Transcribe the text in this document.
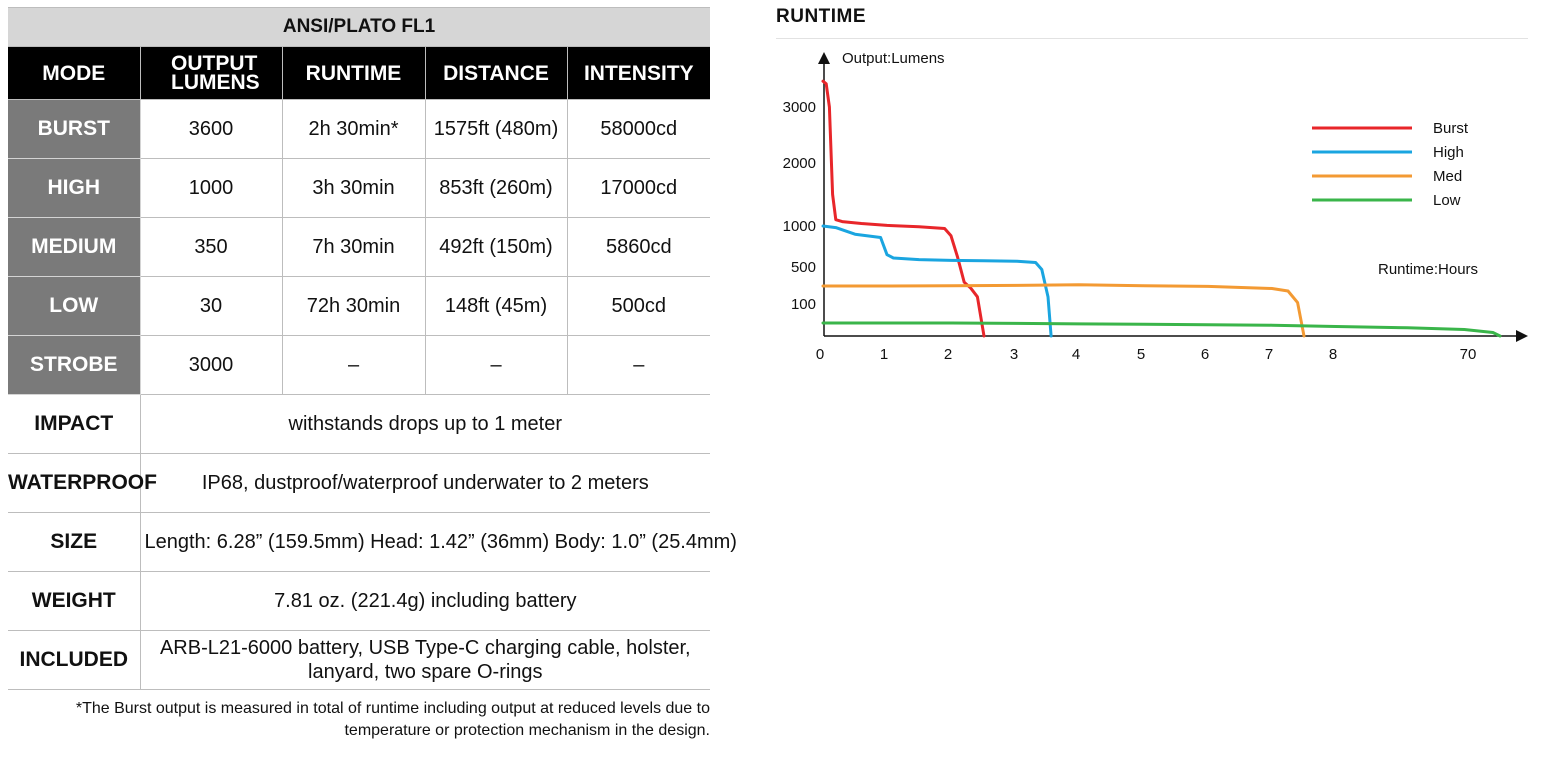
ANSI/PLATO FL1				
MODE	OUTPUT LUMENS	RUNTIME	DISTANCE	INTENSITY
BURST	3600	2h 30min*	1575ft (480m)	58000cd
HIGH	1000	3h 30min	853ft (260m)	17000cd
MEDIUM	350	7h 30min	492ft (150m)	5860cd
LOW	30	72h 30min	148ft (45m)	500cd
STROBE	3000	–	–	–
IMPACT	withstands drops up to 1 meter			
WATERPROOF	IP68, dustproof/waterproof underwater to 2 meters			
SIZE	Length: 6.28” (159.5mm) Head: 1.42” (36mm) Body: 1.0” (25.4mm)			
WEIGHT	7.81 oz. (221.4g) including battery			
INCLUDED	ARB-L21-6000 battery, USB Type-C charging cable, holster,
lanyard, two spare O-rings			
*The Burst output is measured in total of runtime including output at reduced levels due to
temperature or protection mechanism in the design.
RUNTIME
100
500
1000
2000
3000
0	1	2	3	4	5	6	7	8	70
Burst
High
Med
Low
Output:Lumens
Runtime:Hours
